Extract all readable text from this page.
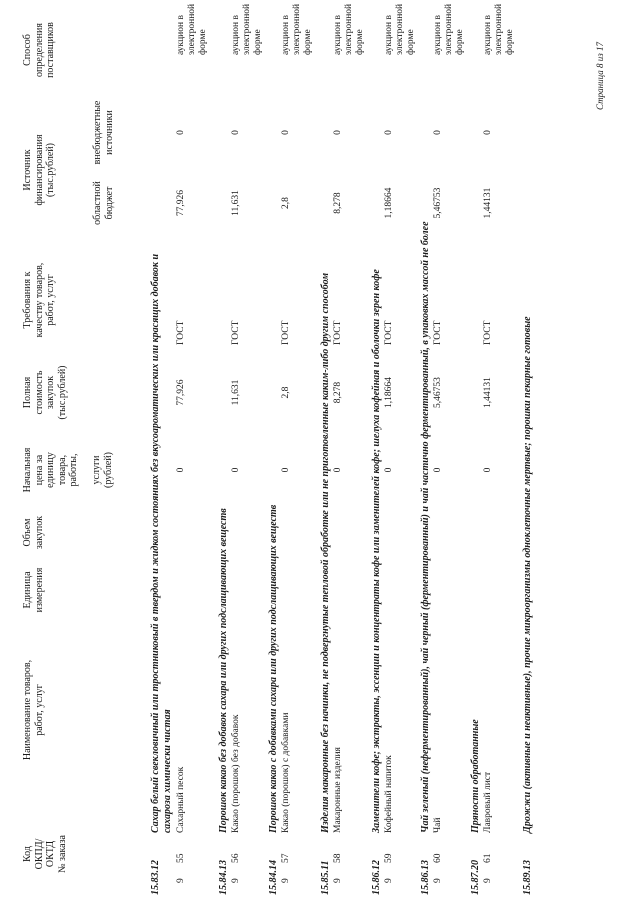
Код ОКПД/ ОКТД № заказа
Наименование товаров, работ, услуг
Единица измерения
Объем закупок
Начальная цена за единицу товара, работы,
услуги (рублей)
Полная стоимость закупок (тыс.рублей)
Требования к качеству товаров, работ, услуг
Источник финансирования (тыс.рублей)
областной бюджет
внебюджетные источники
Способ определения поставщиков
15.83.12
Сахар белый свекловичный или тростниковый в твердом и жидком состояниях без вкусоароматических или красящих добавок и сахароза химически чистая
9
55
Сахарный песок
0
77,926
ГОСТ
77,926
0
аукцион в электронной форме
15.84.13
Порошок какао без добавок сахара или других подслащивающих веществ
9
56
Какао (порошок) без добавок
0
11,631
ГОСТ
11,631
0
аукцион в электронной форме
15.84.14
Порошок какао с добавками сахара или других подслащивающих веществ
9
57
Какао (порошок) с добавками
0
2,8
ГОСТ
2,8
0
аукцион в электронной форме
15.85.11
Изделия макаронные без начинки, не подвергнутые тепловой обработке или не приготовленные каким-либо другим способом
9
58
Макаронные изделия
0
8,278
ГОСТ
8,278
0
аукцион в электронной форме
15.86.12
Заменители кофе; экстракты, эссенции и концентраты кофе или заменителей кофе; шелуха кофейная и оболочки зерен кофе
9
59
Кофейный напиток
0
1,18664
ГОСТ
1,18664
0
аукцион в электронной форме
15.86.13
Чай зеленый (неферментированный), чай черный (ферментированный) и чай частично ферментированный, в упаковках массой не более
9
60
Чай
0
5,46753
ГОСТ
5,46753
0
аукцион в электронной форме
15.87.20
Пряности обработанные
9
61
Лавровый лист
0
1,44131
ГОСТ
1,44131
0
аукцион в электронной форме
15.89.13
Дрожжи (активные и неактивные), прочие микроорганизмы одноклеточные мертвые; порошки пекарные готовые
Страница 8 из 17
